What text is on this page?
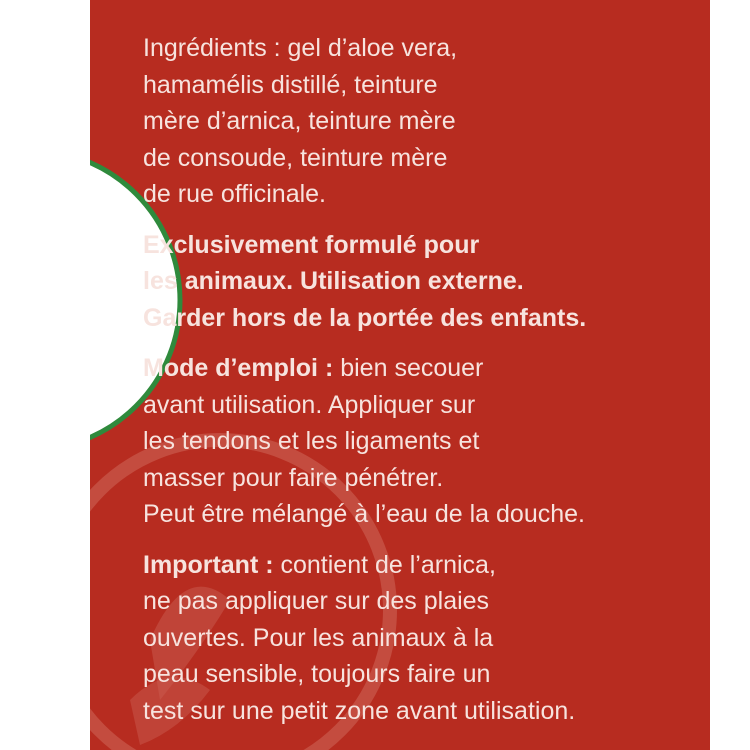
Ingrédients : gel d’aloe vera,
hamamélis distillé, teinture
mère d’arnica, teinture mère
de consoude, teinture mère
de rue officinale.

Exclusivement formulé pour
les animaux. Utilisation externe.
Garder hors de la portée des enfants.

Mode d’emploi : bien secouer
avant utilisation. Appliquer sur
les tendons et les ligaments et
masser pour faire pénétrer.
Peut être mélangé à l’eau de la douche.

Important : contient de l’arnica,
ne pas appliquer sur des plaies
ouvertes. Pour les animaux à la
peau sensible, toujours faire un
test sur une petit zone avant utilisation.
